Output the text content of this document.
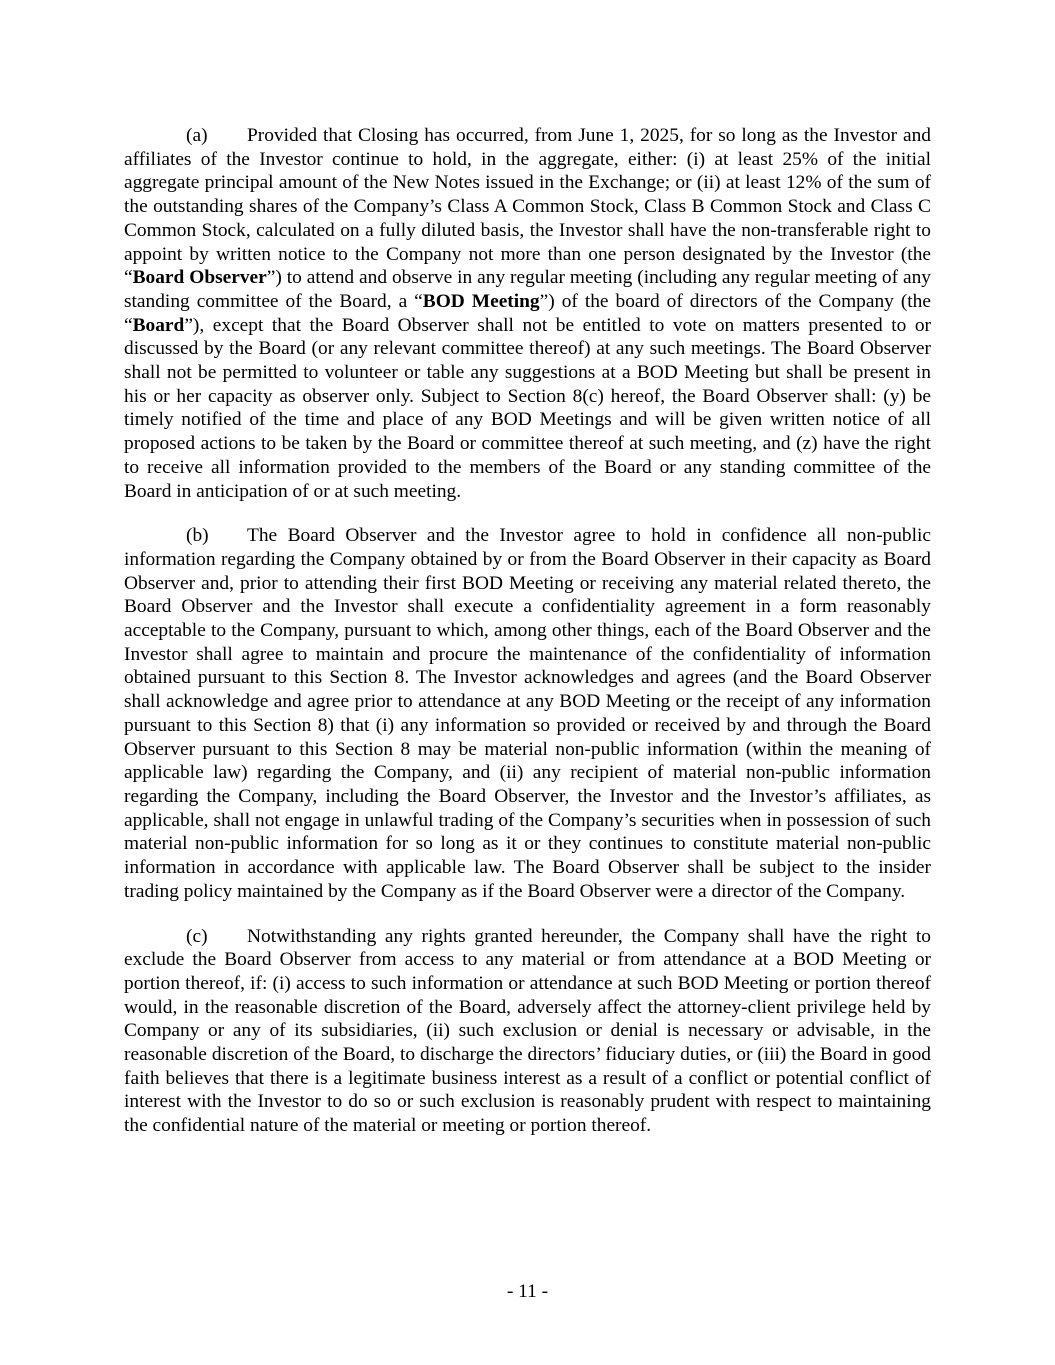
(a) Provided that Closing has occurred, from June 1, 2025, for so long as the Investor and affiliates of the Investor continue to hold, in the aggregate, either: (i) at least 25% of the initial aggregate principal amount of the New Notes issued in the Exchange; or (ii) at least 12% of the sum of the outstanding shares of the Company’s Class A Common Stock, Class B Common Stock and Class C Common Stock, calculated on a fully diluted basis, the Investor shall have the non-transferable right to appoint by written notice to the Company not more than one person designated by the Investor (the “Board Observer”) to attend and observe in any regular meeting (including any regular meeting of any standing committee of the Board, a “BOD Meeting”) of the board of directors of the Company (the “Board”), except that the Board Observer shall not be entitled to vote on matters presented to or discussed by the Board (or any relevant committee thereof) at any such meetings. The Board Observer shall not be permitted to volunteer or table any suggestions at a BOD Meeting but shall be present in his or her capacity as observer only. Subject to Section 8(c) hereof, the Board Observer shall: (y) be timely notified of the time and place of any BOD Meetings and will be given written notice of all proposed actions to be taken by the Board or committee thereof at such meeting, and (z) have the right to receive all information provided to the members of the Board or any standing committee of the Board in anticipation of or at such meeting.

(b) The Board Observer and the Investor agree to hold in confidence all non-public information regarding the Company obtained by or from the Board Observer in their capacity as Board Observer and, prior to attending their first BOD Meeting or receiving any material related thereto, the Board Observer and the Investor shall execute a confidentiality agreement in a form reasonably acceptable to the Company, pursuant to which, among other things, each of the Board Observer and the Investor shall agree to maintain and procure the maintenance of the confidentiality of information obtained pursuant to this Section 8. The Investor acknowledges and agrees (and the Board Observer shall acknowledge and agree prior to attendance at any BOD Meeting or the receipt of any information pursuant to this Section 8) that (i) any information so provided or received by and through the Board Observer pursuant to this Section 8 may be material non-public information (within the meaning of applicable law) regarding the Company, and (ii) any recipient of material non-public information regarding the Company, including the Board Observer, the Investor and the Investor’s affiliates, as applicable, shall not engage in unlawful trading of the Company’s securities when in possession of such material non-public information for so long as it or they continues to constitute material non-public information in accordance with applicable law. The Board Observer shall be subject to the insider trading policy maintained by the Company as if the Board Observer were a director of the Company.

(c) Notwithstanding any rights granted hereunder, the Company shall have the right to exclude the Board Observer from access to any material or from attendance at a BOD Meeting or portion thereof, if: (i) access to such information or attendance at such BOD Meeting or portion thereof would, in the reasonable discretion of the Board, adversely affect the attorney-client privilege held by Company or any of its subsidiaries, (ii) such exclusion or denial is necessary or advisable, in the reasonable discretion of the Board, to discharge the directors’ fiduciary duties, or (iii) the Board in good faith believes that there is a legitimate business interest as a result of a conflict or potential conflict of interest with the Investor to do so or such exclusion is reasonably prudent with respect to maintaining the confidential nature of the material or meeting or portion thereof.

- 11 -
